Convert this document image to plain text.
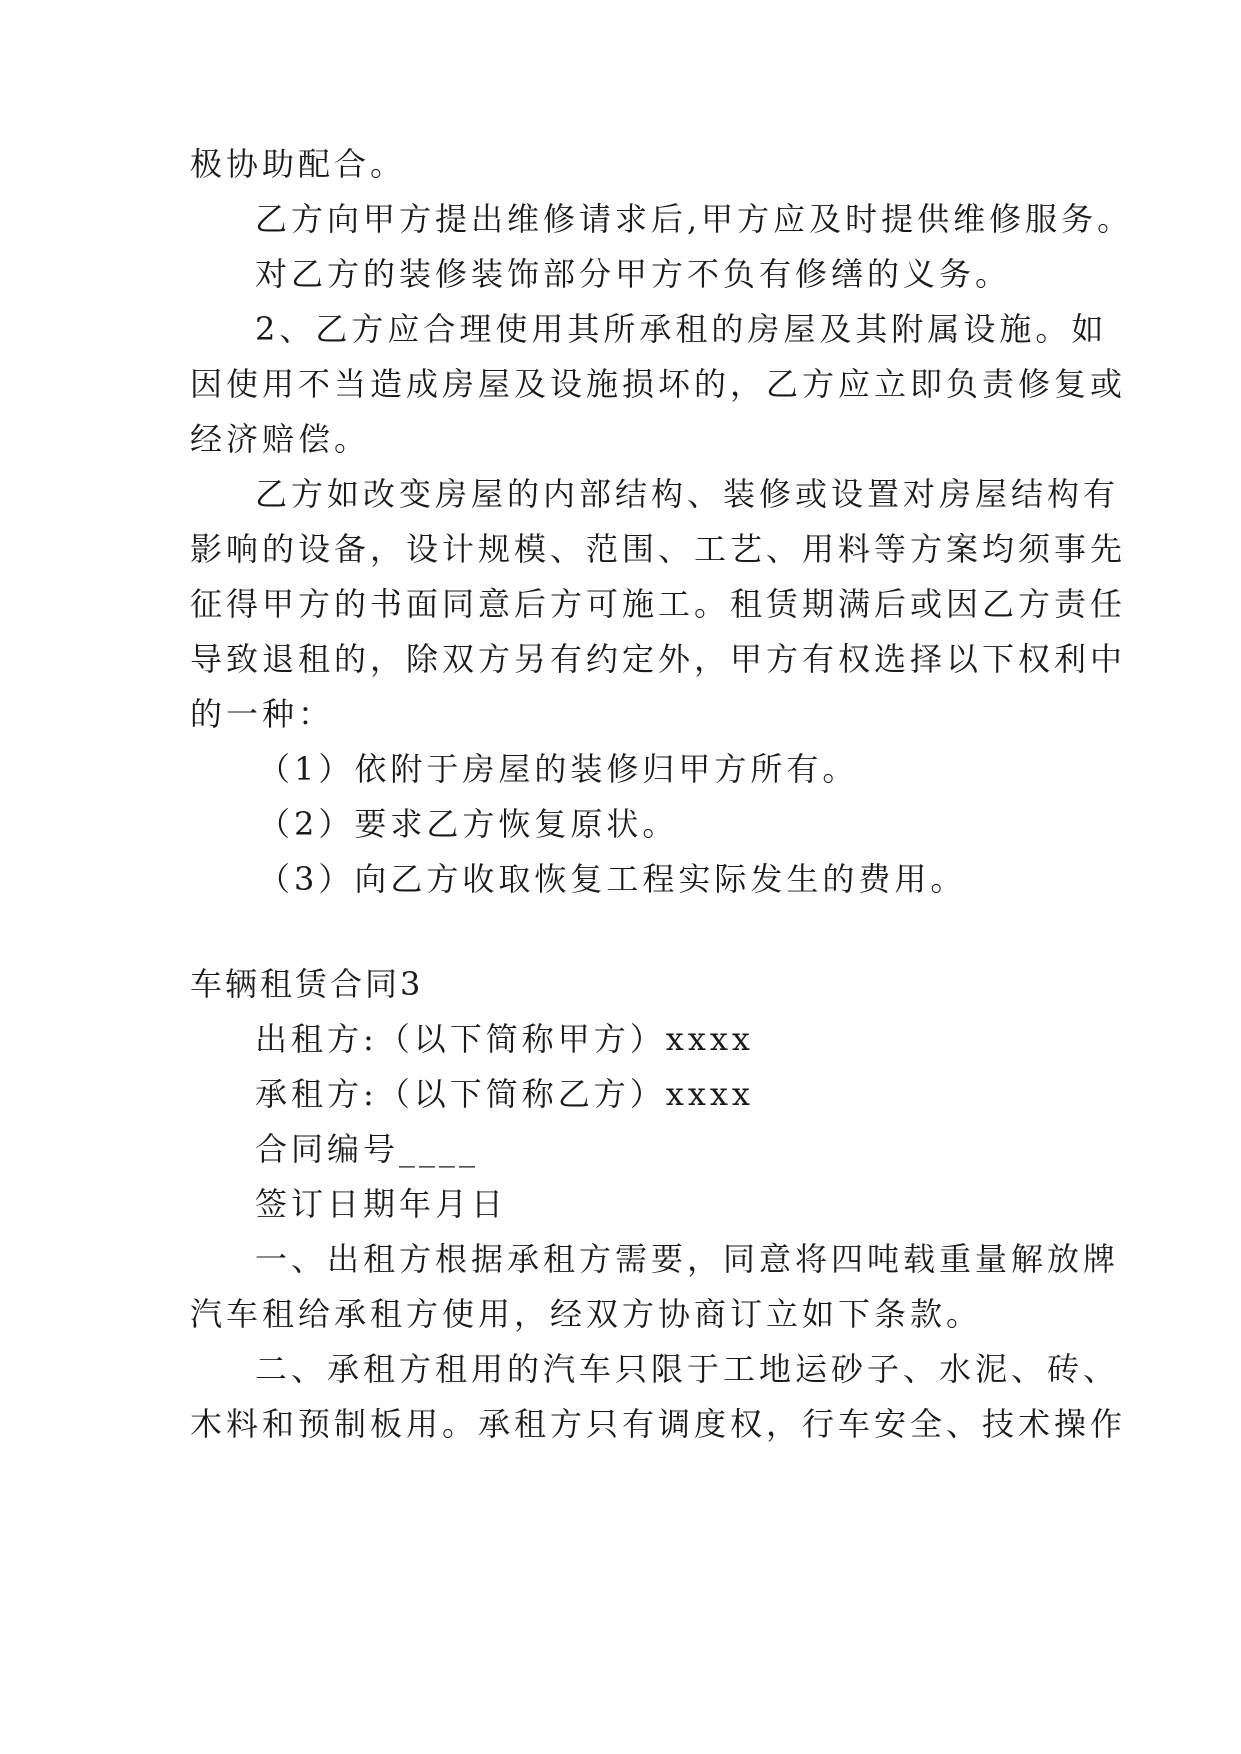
极协助配合。
乙方向甲方提出维修请求后,甲方应及时提供维修服务。
对乙方的装修装饰部分甲方不负有修缮的义务。
2、乙方应合理使用其所承租的房屋及其附属设施。如
因使用不当造成房屋及设施损坏的，乙方应立即负责修复或
经济赔偿。
乙方如改变房屋的内部结构、装修或设置对房屋结构有
影响的设备，设计规模、范围、工艺、用料等方案均须事先
征得甲方的书面同意后方可施工。租赁期满后或因乙方责任
导致退租的，除双方另有约定外，甲方有权选择以下权利中
的一种：
（1）依附于房屋的装修归甲方所有。
（2）要求乙方恢复原状。
（3）向乙方收取恢复工程实际发生的费用。
车辆租赁合同3
出租方:（以下简称甲方）xxxx
承租方:（以下简称乙方）xxxx
合同编号____
签订日期年月日
一、出租方根据承租方需要，同意将四吨载重量解放牌
汽车租给承租方使用，经双方协商订立如下条款。
二、承租方租用的汽车只限于工地运砂子、水泥、砖、
木料和预制板用。承租方只有调度权，行车安全、技术操作
